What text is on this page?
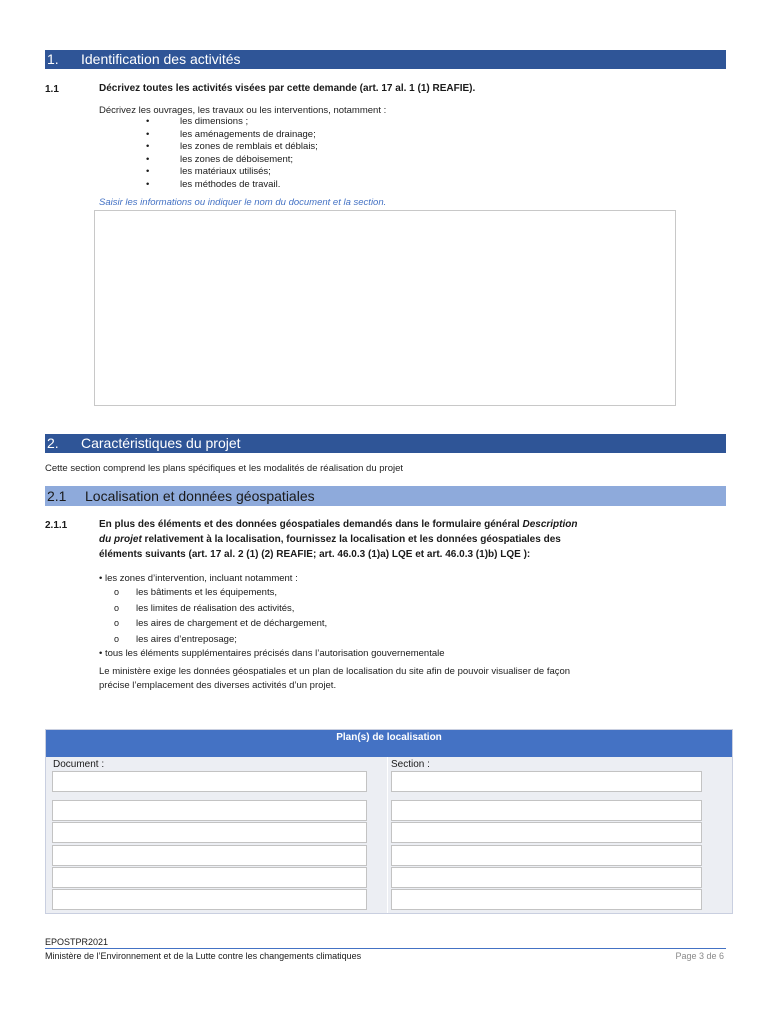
1. Identification des activités
1.1	Décrivez toutes les activités visées par cette demande (art. 17 al. 1 (1) REAFIE).
Décrivez les ouvrages, les travaux ou les interventions, notamment :
• les dimensions ;
• les aménagements de drainage;
• les zones de remblais et déblais;
• les zones de déboisement;
• les matériaux utilisés;
• les méthodes de travail.
Saisir les informations ou indiquer le nom du document et la section.
2. Caractéristiques du projet
Cette section comprend les plans spécifiques et les modalités de réalisation du projet
2.1 Localisation et données géospatiales
2.1.1	En plus des éléments et des données géospatiales demandés dans le formulaire général Description
du projet relativement à la localisation, fournissez la localisation et les données géospatiales des
éléments suivants (art. 17 al. 2 (1) (2) REAFIE; art. 46.0.3 (1)a) LQE et art. 46.0.3 (1)b) LQE ):
• les zones d’intervention, incluant notamment :
o les bâtiments et les équipements,
o les limites de réalisation des activités,
o les aires de chargement et de déchargement,
o les aires d’entreposage;
• tous les éléments supplémentaires précisés dans l’autorisation gouvernementale
Le ministère exige les données géospatiales et un plan de localisation du site afin de pouvoir visualiser de façon
précise l’emplacement des diverses activités d’un projet.
Plan(s) de localisation
Document :	Section :
EPOSTPR2021
Ministère de l’Environnement et de la Lutte contre les changements climatiques	Page 3 de 6
